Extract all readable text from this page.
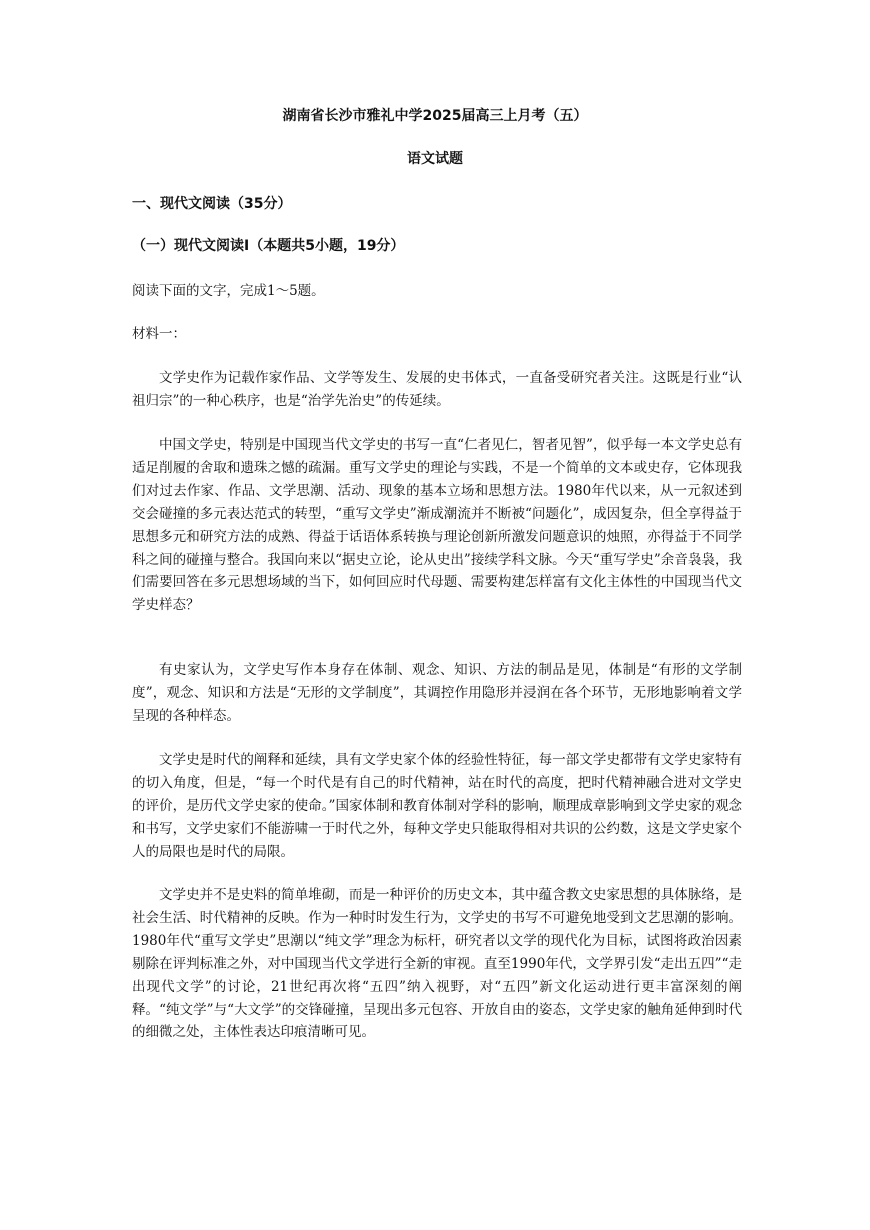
湖南省长沙市雅礼中学2025届高三上月考（五）

语文试题

一、现代文阅读（35分）

（一）现代文阅读Ⅰ（本题共5小题，19分）

阅读下面的文字，完成1～5题。

材料一：

文学史作为记载作家作品、文学等发生、发展的史书体式，一直备受研究者关注。这既是行业“认祖归宗”的一种心秩序，也是“治学先治史”的传延续。

中国文学史，特别是中国现当代文学史的书写一直“仁者见仁，智者见智”，似乎每一本文学史总有适足削履的舍取和遗珠之憾的疏漏。重写文学史的理论与实践，不是一个简单的文本或史存，它体现我们对过去作家、作品、文学思潮、活动、现象的基本立场和思想方法。1980年代以来，从一元叙述到交会碰撞的多元表达范式的转型，“重写文学史”渐成潮流并不断被“问题化”，成因复杂，但全享得益于思想多元和研究方法的成熟、得益于话语体系转换与理论创新所激发问题意识的烛照，亦得益于不同学科之间的碰撞与整合。我国向来以“据史立论，论从史出”接续学科文脉。今天“重写学史”余音袅袅，我们需要回答在多元思想场域的当下，如何回应时代母题、需要构建怎样富有文化主体性的中国现当代文学史样态？

有史家认为，文学史写作本身存在体制、观念、知识、方法的制品是见，体制是“有形的文学制度”，观念、知识和方法是“无形的文学制度”，其调控作用隐形并浸润在各个环节，无形地影响着文学呈现的各种样态。

文学史是时代的阐释和延续，具有文学史家个体的经验性特征，每一部文学史都带有文学史家特有的切入角度，但是，“每一个时代是有自己的时代精神，站在时代的高度，把时代精神融合进对文学史的评价，是历代文学史家的使命。”国家体制和教育体制对学科的影响，顺理成章影响到文学史家的观念和书写，文学史家们不能游啸一于时代之外，每种文学史只能取得相对共识的公约数，这是文学史家个人的局限也是时代的局限。

文学史并不是史料的简单堆砌，而是一种评价的历史文本，其中蕴含教文史家思想的具体脉络，是社会生活、时代精神的反映。作为一种时时发生行为，文学史的书写不可避免地受到文艺思潮的影响。1980年代“重写文学史”思潮以“纯文学”理念为标杆，研究者以文学的现代化为目标，试图将政治因素剔除在评判标准之外，对中国现当代文学进行全新的审视。直至1990年代，文学界引发“走出五四”“走出现代文学”的讨论，21世纪再次将“五四”纳入视野，对“五四”新文化运动进行更丰富深刻的阐释。“纯文学”与“大文学”的交锋碰撞，呈现出多元包容、开放自由的姿态，文学史家的触角延伸到时代的细微之处，主体性表达印痕清晰可见。
